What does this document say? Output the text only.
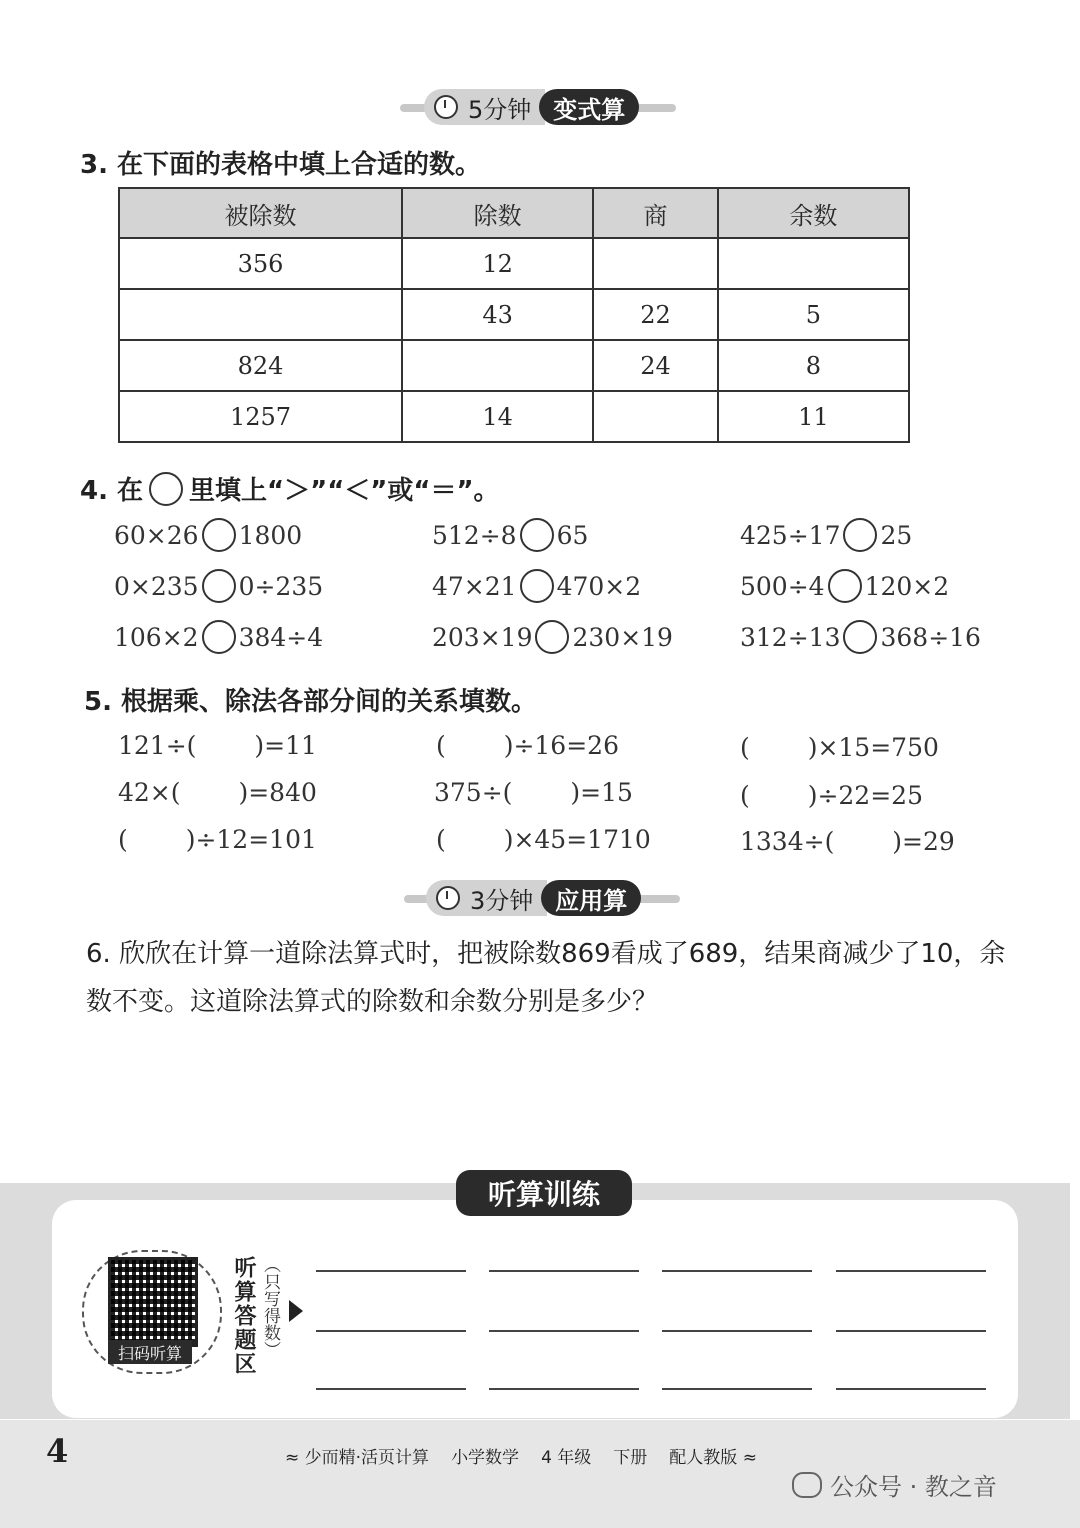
5分钟 变式算
3. 在下面的表格中填上合适的数。
被除数	除数	商	余数
356	12		
	43	22	5
824		24	8
1257	14		11
4. 在 里填上“＞”“＜”或“＝”。
60×26 1800	512÷8 65	425÷17 25
0×235 0÷235	47×21 470×2	500÷4 120×2
106×2 384÷4	203×19 230×19	312÷13 368÷16
5. 根据乘、除法各部分间的关系填数。
121÷(　　 )=11	(　　 )÷16=26	(　　 )×15=750
42×(　　 )=840	375÷(　　 )=15	(　　 )÷22=25
(　　 )÷12=101	(　　 )×45=1710	1334÷(　　 )=29
3分钟 应用算
6. 欣欣在计算一道除法算式时，把被除数869看成了689，结果商减少了10，余数不变。这道除法算式的除数和余数分别是多少？
听算训练
扫码听算	听算答题区 （只写得数）
4	≈ 少而精·活页计算 小学数学 4 年级 下册 配人教版 ≈
公众号 · 教之音
